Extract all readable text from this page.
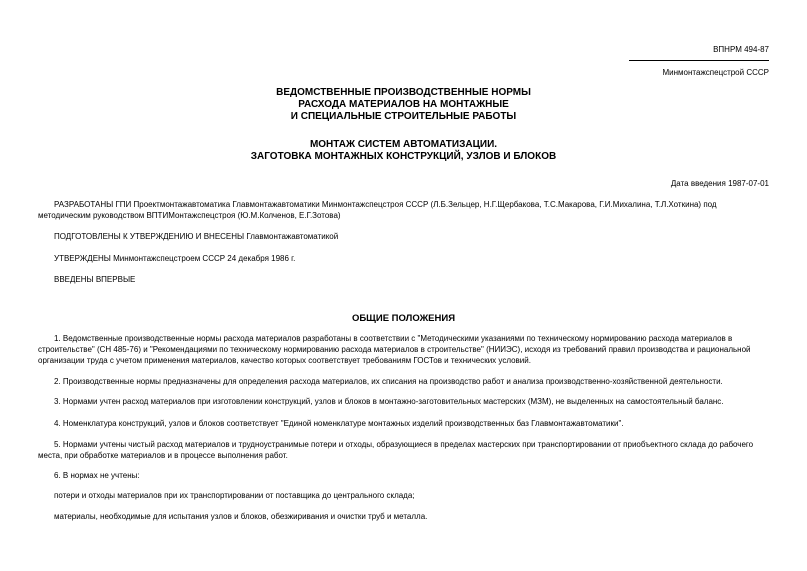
ВПНРМ 494-87
Минмонтажспецстрой СССР
ВЕДОМСТВЕННЫЕ ПРОИЗВОДСТВЕННЫЕ НОРМЫ
РАСХОДА МАТЕРИАЛОВ НА МОНТАЖНЫЕ
И СПЕЦИАЛЬНЫЕ СТРОИТЕЛЬНЫЕ РАБОТЫ
МОНТАЖ СИСТЕМ АВТОМАТИЗАЦИИ.
ЗАГОТОВКА МОНТАЖНЫХ КОНСТРУКЦИЙ, УЗЛОВ И БЛОКОВ
Дата введения 1987-07-01
РАЗРАБОТАНЫ ГПИ Проектмонтажавтоматика Главмонтажавтоматики Минмонтажспецстроя СССР (Л.Б.Зельцер, Н.Г.Щербакова, Т.С.Макарова, Г.И.Михалина, Т.Л.Хоткина) под методическим руководством ВПТИМонтажспецстроя (Ю.М.Колченов, Е.Г.Зотова)
ПОДГОТОВЛЕНЫ К УТВЕРЖДЕНИЮ И ВНЕСЕНЫ Главмонтажавтоматикой
УТВЕРЖДЕНЫ Минмонтажспецстроем СССР 24 декабря 1986 г.
ВВЕДЕНЫ ВПЕРВЫЕ
ОБЩИЕ ПОЛОЖЕНИЯ
1. Ведомственные производственные нормы расхода материалов разработаны в соответствии с "Методическими указаниями по техническому нормированию расхода материалов в строительстве" (СН 485-76) и "Рекомендациями по техническому нормированию расхода материалов в строительстве" (НИИЭС), исходя из требований правил производства и рациональной организации труда с учетом применения материалов, качество которых соответствует требованиям ГОСТов и технических условий.
2. Производственные нормы предназначены для определения расхода материалов, их списания на производство работ и анализа производственно-хозяйственной деятельности.
3. Нормами учтен расход материалов при изготовлении конструкций, узлов и блоков в монтажно-заготовительных мастерских (МЗМ), не выделенных на самостоятельный баланс.
4. Номенклатура конструкций, узлов и блоков соответствует "Единой номенклатуре монтажных изделий производственных баз Главмонтажавтоматики".
5. Нормами учтены чистый расход материалов и трудноустранимые потери и отходы, образующиеся в пределах мастерских при транспортировании от приобъектного склада до рабочего места, при обработке материалов и в процессе выполнения работ.
6. В нормах не учтены:
потери и отходы материалов при их транспортировании от поставщика до центрального склада;
материалы, необходимые для испытания узлов и блоков, обезжиривания и очистки труб и металла.
